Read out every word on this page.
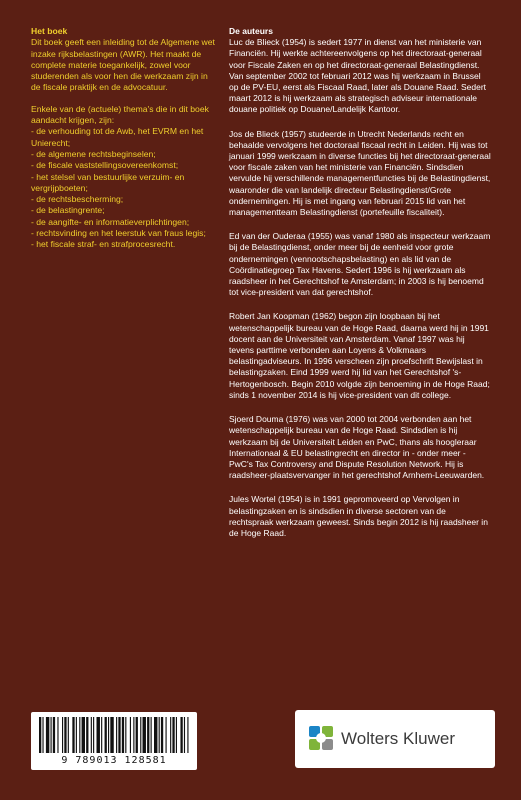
Het boek
Dit boek geeft een inleiding tot de Algemene wet inzake rijksbelastingen (AWR). Het maakt de complete materie toegankelijk, zowel voor studerenden als voor hen die werkzaam zijn in de fiscale praktijk en de advocatuur.
Enkele van de (actuele) thema's die in dit boek aandacht krijgen, zijn:
- de verhouding tot de Awb, het EVRM en het Unierecht;
- de algemene rechtsbeginselen;
- de fiscale vaststellingsovereenkomst;
- het stelsel van bestuurlijke verzuim- en vergrijpboeten;
- de rechtsbescherming;
- de belastingrente;
- de aangifte- en informatieverplichtingen;
- rechtsvinding en het leerstuk van fraus legis;
- het fiscale straf- en strafprocesrecht.
De auteurs
Luc de Blieck (1954) is sedert 1977 in dienst van het ministerie van Financiën. Hij werkte achtereenvolgens op het directoraat-generaal voor Fiscale Zaken en op het directoraat-generaal Belastingdienst. Van september 2002 tot februari 2012 was hij werkzaam in Brussel op de PV-EU, eerst als Fiscaal Raad, later als Douane Raad. Sedert maart 2012 is hij werkzaam als strategisch adviseur internationale douane politiek op Douane/Landelijk Kantoor.
Jos de Blieck (1957) studeerde in Utrecht Nederlands recht en behaalde vervolgens het doctoraal fiscaal recht in Leiden. Hij was tot januari 1999 werkzaam in diverse functies bij het directoraat-generaal voor fiscale zaken van het ministerie van Financiën. Sindsdien vervulde hij verschillende managementfuncties bij de Belastingdienst, waaronder die van landelijk directeur Belastingdienst/Grote ondernemingen. Hij is met ingang van februari 2015 lid van het managementteam Belastingdienst (portefeuille fiscaliteit).
Ed van der Ouderaa (1955) was vanaf 1980 als inspecteur werkzaam bij de Belastingdienst, onder meer bij de eenheid voor grote ondernemingen (vennootschapsbelasting) en als lid van de Coördinatiegroep Tax Havens. Sedert 1996 is hij werkzaam als raadsheer in het Gerechtshof te Amsterdam; in 2003 is hij benoemd tot vice-president van dat gerechtshof.
Robert Jan Koopman (1962) begon zijn loopbaan bij het wetenschappelijk bureau van de Hoge Raad, daarna werd hij in 1991 docent aan de Universiteit van Amsterdam. Vanaf 1997 was hij tevens parttime verbonden aan Loyens & Volkmaars belastingadviseurs. In 1996 verscheen zijn proefschrift Bewijslast in belastingzaken. Eind 1999 werd hij lid van het Gerechtshof 's-Hertogenbosch. Begin 2010 volgde zijn benoeming in de Hoge Raad; sinds 1 november 2014 is hij vice-president van dit college.
Sjoerd Douma (1976) was van 2000 tot 2004 verbonden aan het wetenschappelijk bureau van de Hoge Raad. Sindsdien is hij werkzaam bij de Universiteit Leiden en PwC, thans als hoogleraar Internationaal & EU belastingrecht en director in - onder meer - PwC's Tax Controversy and Dispute Resolution Network. Hij is raadsheer-plaatsvervanger in het gerechtshof Arnhem-Leeuwarden.
Jules Wortel (1954) is in 1991 gepromoveerd op Vervolgen in belastingzaken en is sindsdien in diverse sectoren van de rechtspraak werkzaam geweest. Sinds begin 2012 is hij raadsheer in de Hoge Raad.
9 789013 128581
Wolters Kluwer
